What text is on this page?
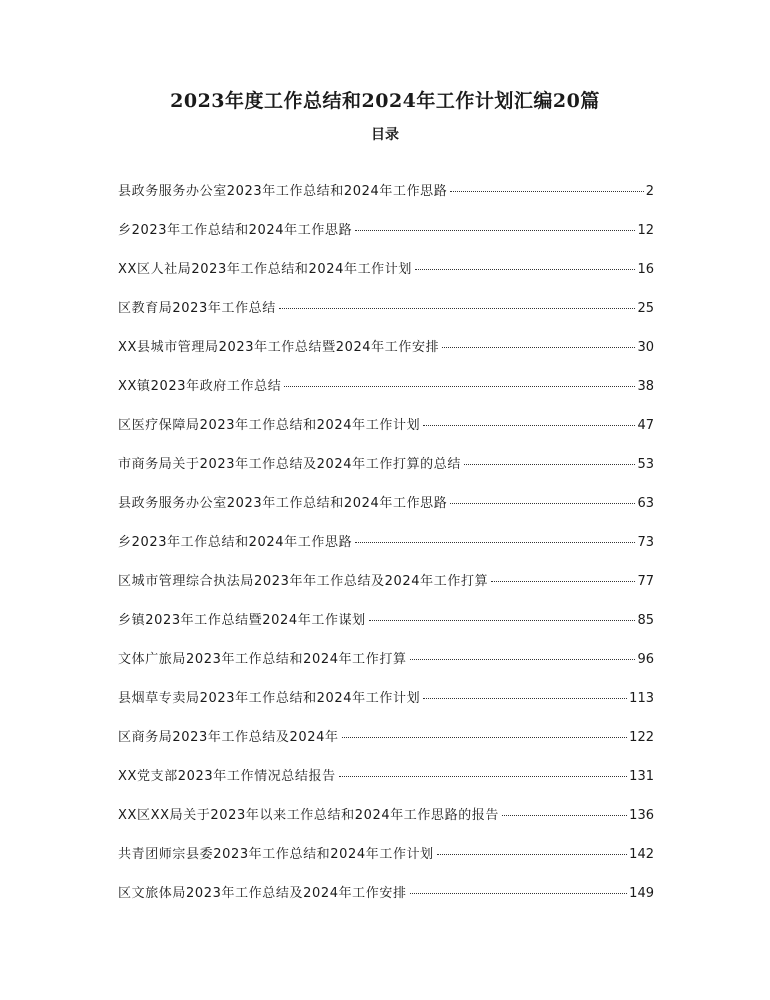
2023年度工作总结和2024年工作计划汇编20篇
目录
县政务服务办公室2023年工作总结和2024年工作思路	2
乡2023年工作总结和2024年工作思路	12
XX区人社局2023年工作总结和2024年工作计划	16
区教育局2023年工作总结	25
XX县城市管理局2023年工作总结暨2024年工作安排	30
XX镇2023年政府工作总结	38
区医疗保障局2023年工作总结和2024年工作计划	47
市商务局关于2023年工作总结及2024年工作打算的总结	53
县政务服务办公室2023年工作总结和2024年工作思路	63
乡2023年工作总结和2024年工作思路	73
区城市管理综合执法局2023年年工作总结及2024年工作打算	77
乡镇2023年工作总结暨2024年工作谋划	85
文体广旅局2023年工作总结和2024年工作打算	96
县烟草专卖局2023年工作总结和2024年工作计划	113
区商务局2023年工作总结及2024年	122
XX党支部2023年工作情况总结报告	131
XX区XX局关于2023年以来工作总结和2024年工作思路的报告	136
共青团师宗县委2023年工作总结和2024年工作计划	142
区文旅体局2023年工作总结及2024年工作安排	149
